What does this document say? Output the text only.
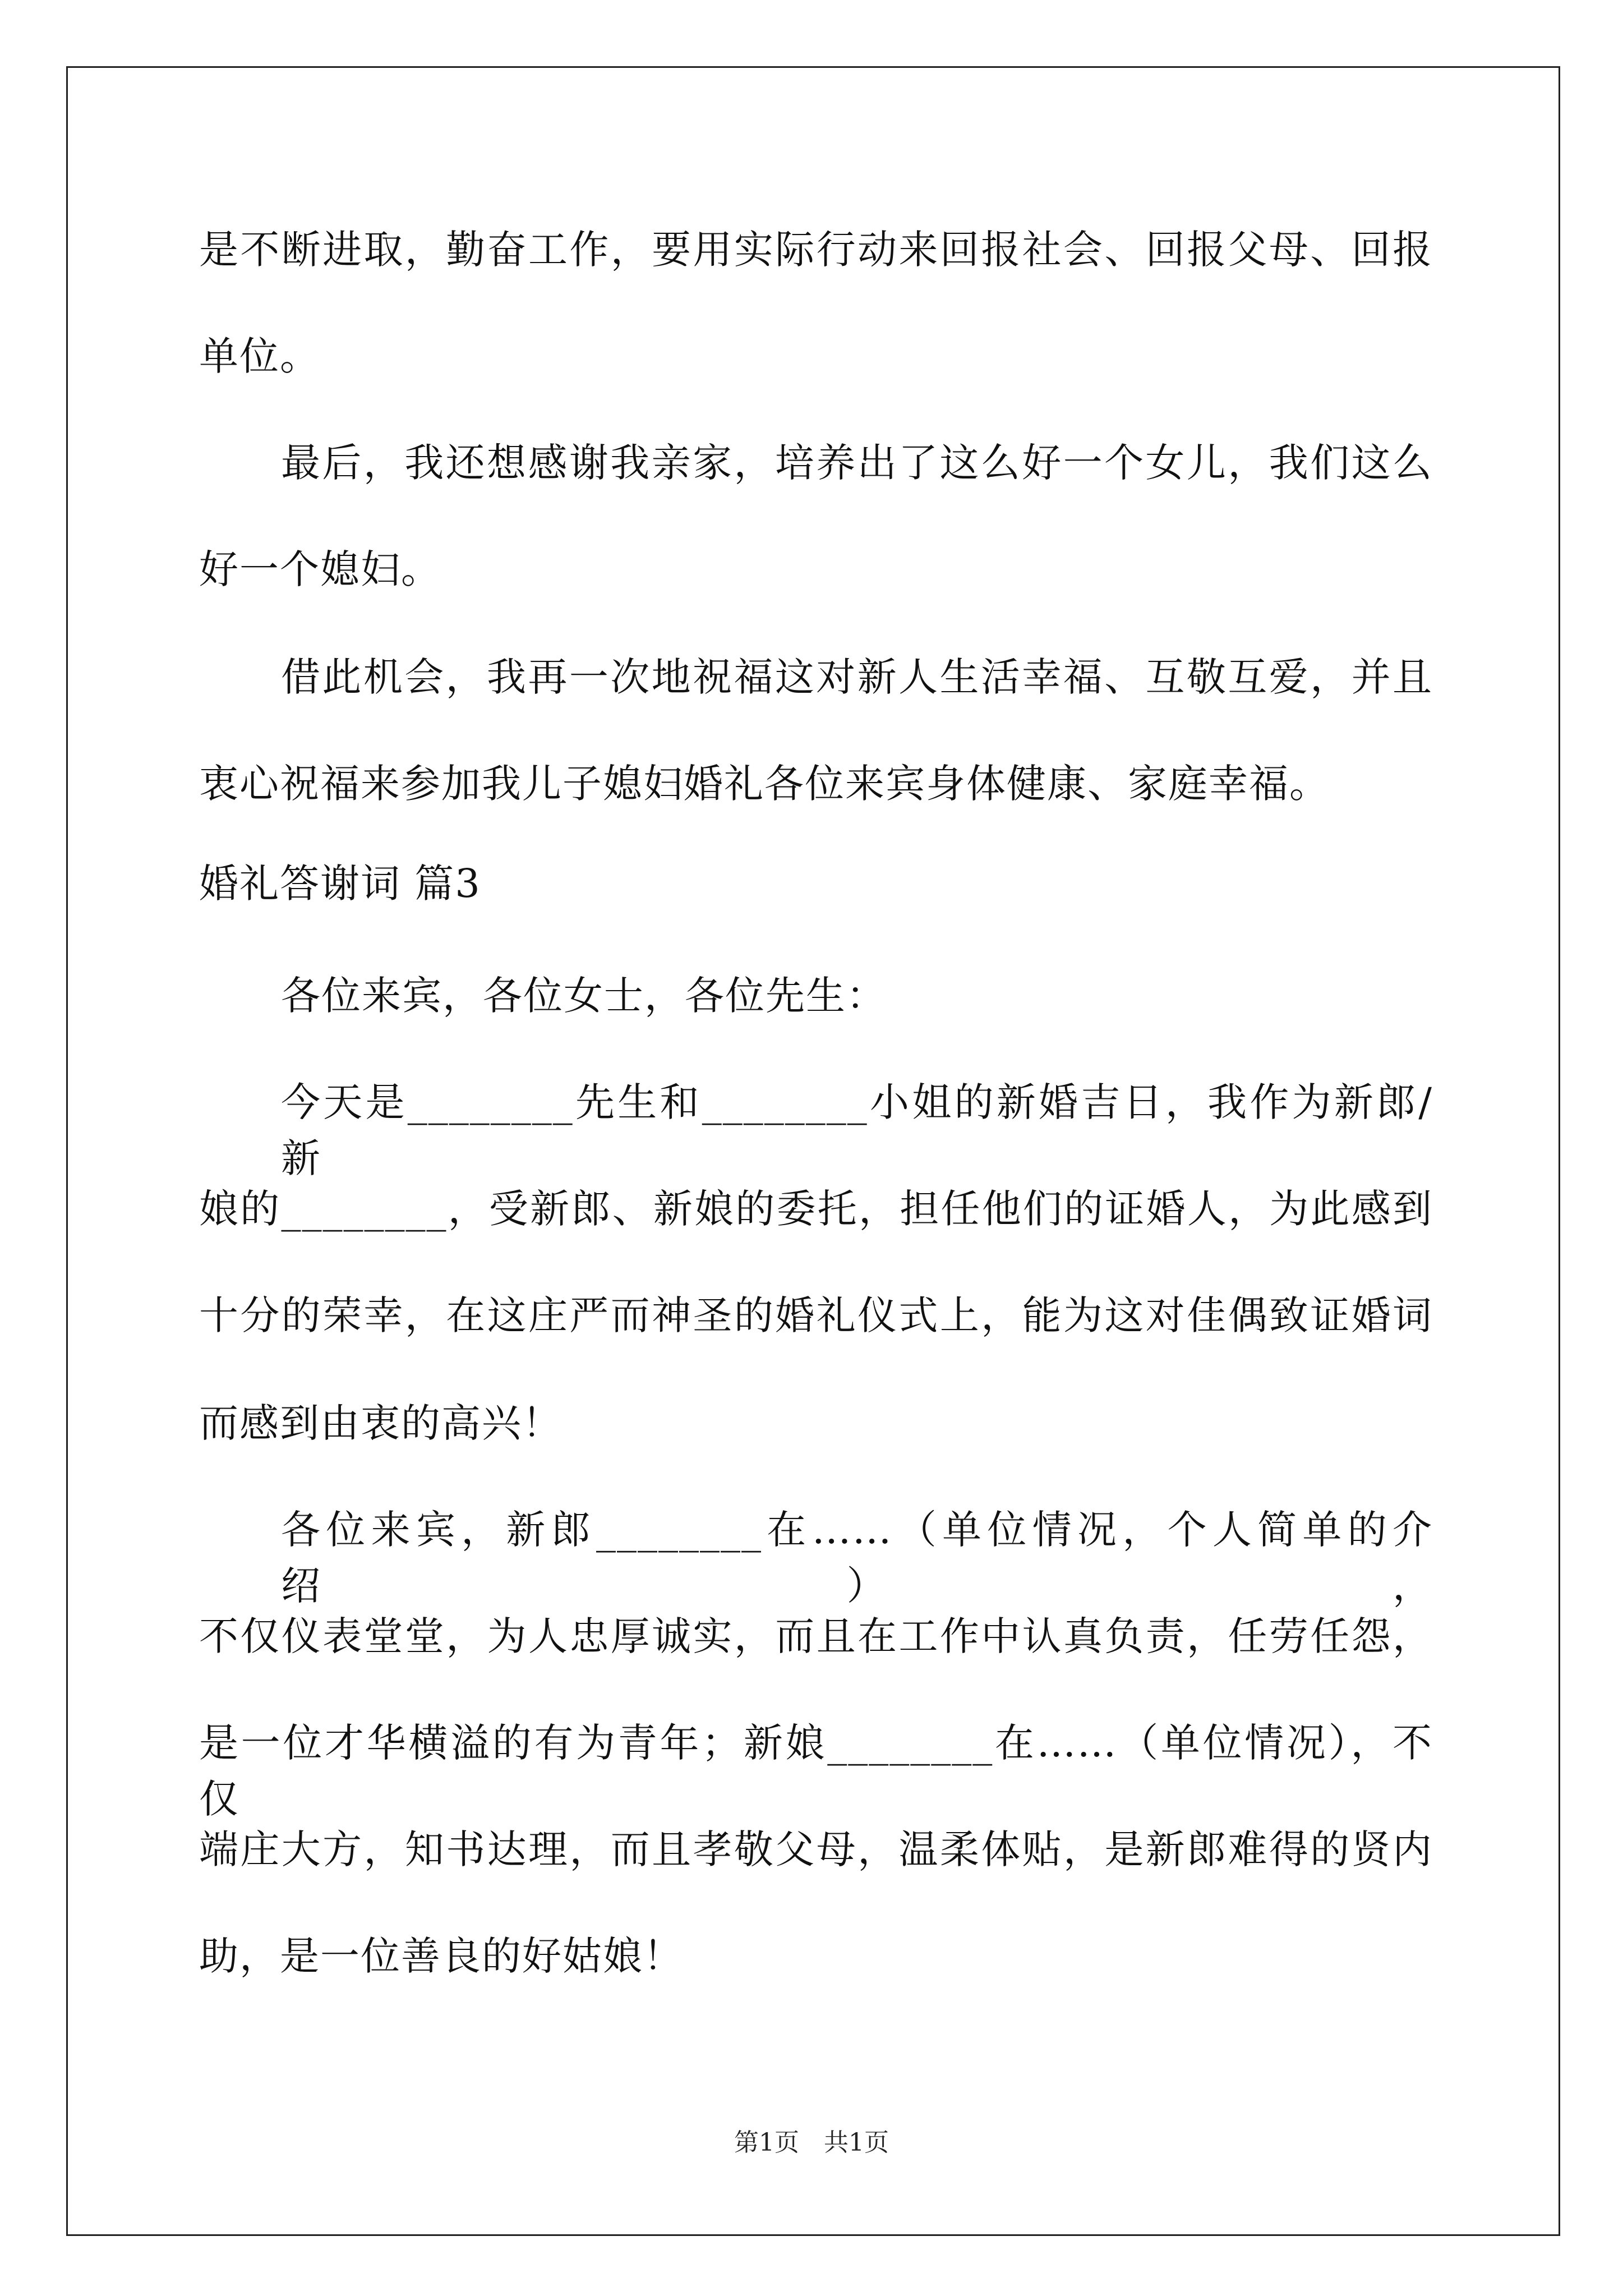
是不断进取，勤奋工作，要用实际行动来回报社会、回报父母、回报
单位。
最后，我还想感谢我亲家，培养出了这么好一个女儿，我们这么
好一个媳妇。
借此机会，我再一次地祝福这对新人生活幸福、互敬互爱，并且
衷心祝福来参加我儿子媳妇婚礼各位来宾身体健康、家庭幸福。
婚礼答谢词 篇3
各位来宾，各位女士，各位先生：
今天是________先生和________小姐的新婚吉日，我作为新郎/新
娘的________，受新郎、新娘的委托，担任他们的证婚人，为此感到
十分的荣幸，在这庄严而神圣的婚礼仪式上，能为这对佳偶致证婚词
而感到由衷的高兴！
各位来宾，新郎________在……（单位情况，个人简单的介绍），
不仅仪表堂堂，为人忠厚诚实，而且在工作中认真负责，任劳任怨，
是一位才华横溢的有为青年；新娘________在……（单位情况），不仅
端庄大方，知书达理，而且孝敬父母，温柔体贴，是新郎难得的贤内
助，是一位善良的好姑娘！
第1页　共1页
